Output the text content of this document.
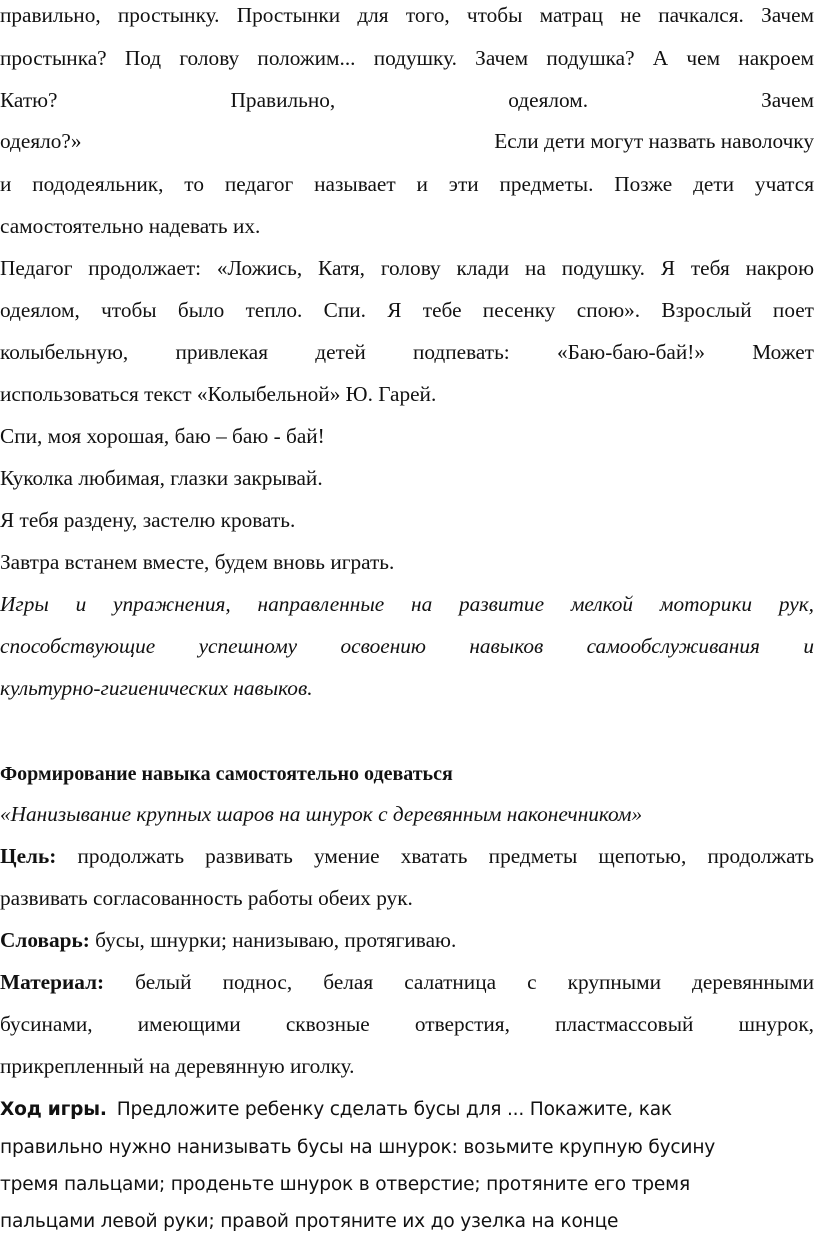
правильно, простынку. Простынки для того, чтобы матрац не пачкался. Зачем
простынка? Под голову положим... подушку. Зачем подушка? А чем накроем
Катю? Правильно, одеялом. Зачем
одеяло?»	Если дети могут назвать наволочку
и пододеяльник, то педагог называет и эти предметы. Позже дети учатся
самостоятельно надевать их.
Педагог продолжает: «Ложись, Катя, голову клади на подушку. Я тебя накрою
одеялом, чтобы было тепло. Спи. Я тебе песенку спою». Взрослый поет
колыбельную, привлекая детей подпевать: «Баю-баю-бай!» Может
использоваться текст «Колыбельной» Ю. Гарей.
Спи, моя хорошая, баю – баю - бай!
Куколка любимая, глазки закрывай.
Я тебя раздену, застелю кровать.
Завтра встанем вместе, будем вновь играть.
Игры и упражнения, направленные на развитие мелкой моторики рук,
способствующие успешному освоению навыков самообслуживания и
культурно-гигиенических навыков.
Формирование навыка самостоятельно одеваться
«Нанизывание крупных шаров на шнурок с деревянным наконечником»
Цель: продолжать развивать умение хватать предметы щепотью, продолжать
развивать согласованность работы обеих рук.
Словарь: бусы, шнурки; нанизываю, протягиваю.
Материал: белый поднос, белая салатница с крупными деревянными
бусинами, имеющими сквозные отверстия, пластмассовый шнурок,
прикрепленный на деревянную иголку.
Ход игры. Предложите ребенку сделать бусы для ... Покажите, как
правильно нужно нанизывать бусы на шнурок: возьмите крупную бусину
тремя пальцами; проденьте шнурок в отверстие; протяните его тремя
пальцами левой руки; правой протяните их до узелка на конце
